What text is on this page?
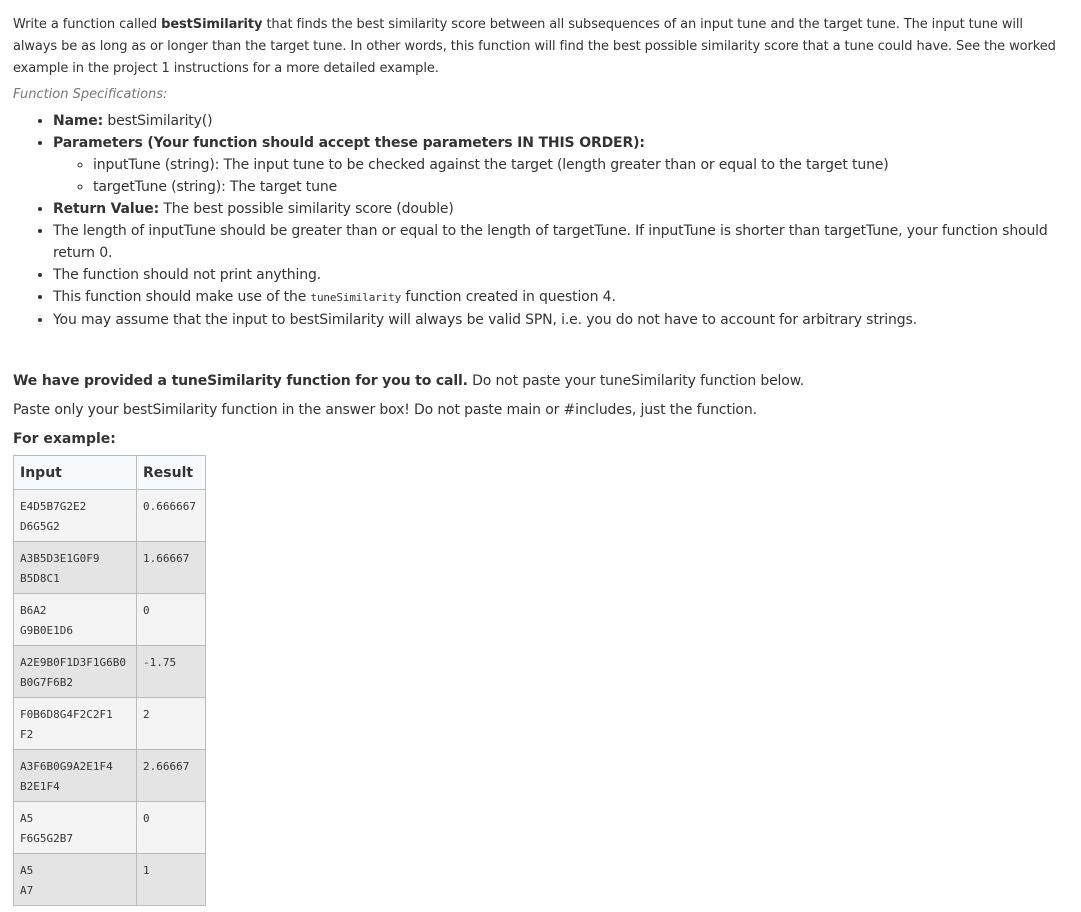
Write a function called bestSimilarity that finds the best similarity score between all subsequences of an input tune and the target tune. The input tune will always be as long as or longer than the target tune. In other words, this function will find the best possible similarity score that a tune could have. See the worked example in the project 1 instructions for a more detailed example.

Function Specifications:

• Name: bestSimilarity()
• Parameters (Your function should accept these parameters IN THIS ORDER):
◦ inputTune (string): The input tune to be checked against the target (length greater than or equal to the target tune)
◦ targetTune (string): The target tune
• Return Value: The best possible similarity score (double)
• The length of inputTune should be greater than or equal to the length of targetTune. If inputTune is shorter than targetTune, your function should return 0.
• The function should not print anything.
• This function should make use of the tuneSimilarity function created in question 4.
• You may assume that the input to bestSimilarity will always be valid SPN, i.e. you do not have to account for arbitrary strings.

We have provided a tuneSimilarity function for you to call. Do not paste your tuneSimilarity function below.

Paste only your bestSimilarity function in the answer box! Do not paste main or #includes, just the function.

For example:

Input	Result

E4D5B7G2E2
D6G5G2	0.666667

A3B5D3E1G0F9
B5D8C1	1.66667

B6A2
G9B0E1D6	0

A2E9B0F1D3F1G6B0
B0G7F6B2	-1.75

F0B6D8G4F2C2F1
F2	2

A3F6B0G9A2E1F4
B2E1F4	2.66667

A5
F6G5G2B7	0

A5
A7	1
